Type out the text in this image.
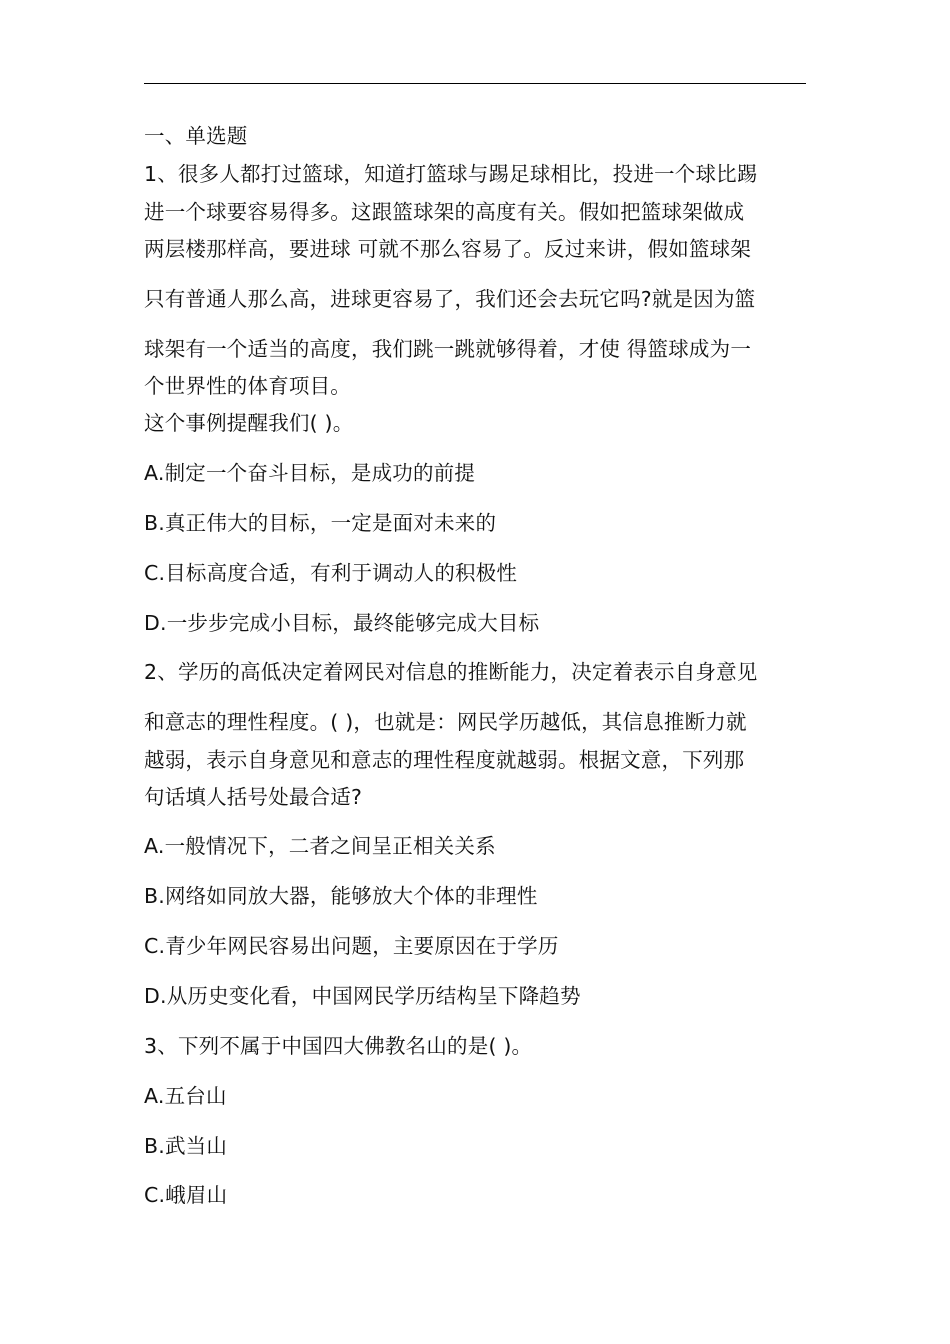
一、单选题
1、很多人都打过篮球，知道打篮球与踢足球相比，投进一个球比踢
进一个球要容易得多。这跟篮球架的高度有关。假如把篮球架做成
两层楼那样高，要进球 可就不那么容易了。反过来讲，假如篮球架
只有普通人那么高，进球更容易了，我们还会去玩它吗?就是因为篮
球架有一个适当的高度，我们跳一跳就够得着，才使 得篮球成为一
个世界性的体育项目。
这个事例提醒我们( )。
A.制定一个奋斗目标，是成功的前提
B.真正伟大的目标，一定是面对未来的
C.目标高度合适，有利于调动人的积极性
D.一步步完成小目标，最终能够完成大目标
2、学历的高低决定着网民对信息的推断能力，决定着表示自身意见
和意志的理性程度。( )，也就是：网民学历越低，其信息推断力就
越弱，表示自身意见和意志的理性程度就越弱。根据文意，下列那
句话填人括号处最合适?
A.一般情况下，二者之间呈正相关关系
B.网络如同放大器，能够放大个体的非理性
C.青少年网民容易出问题，主要原因在于学历
D.从历史变化看，中国网民学历结构呈下降趋势
3、下列不属于中国四大佛教名山的是( )。
A.五台山
B.武当山
C.峨眉山
